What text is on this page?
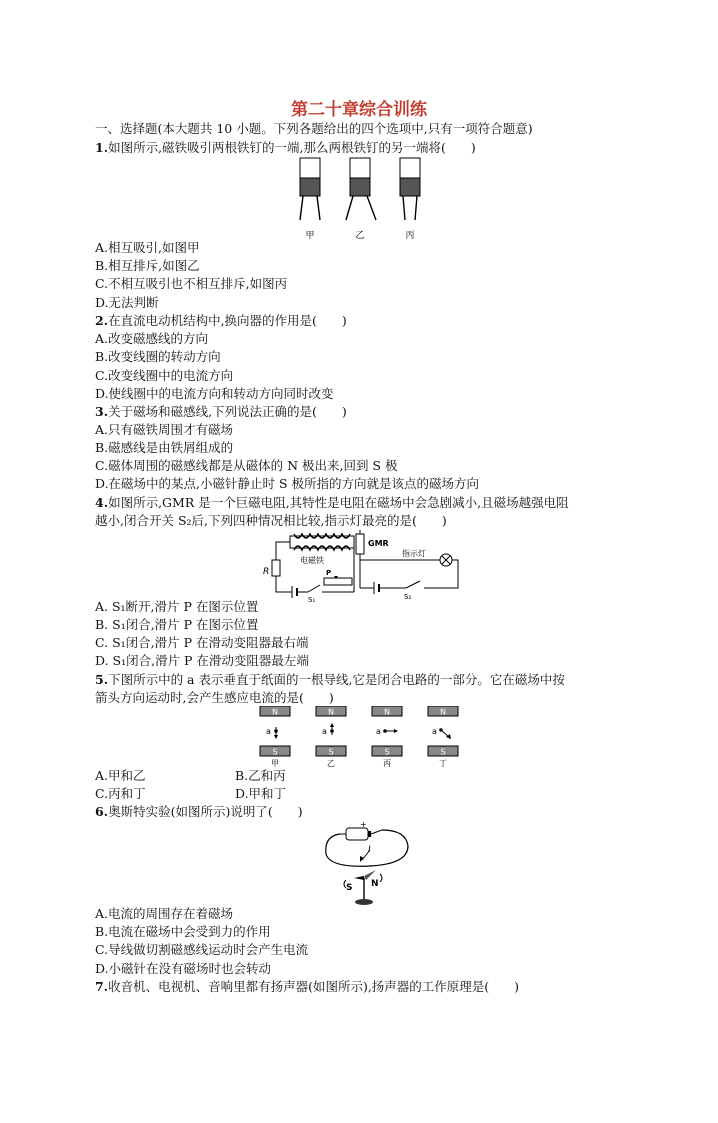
第二十章综合训练
一、选择题(本大题共 10 小题。下列各题给出的四个选项中,只有一项符合题意)
1.如图所示,磁铁吸引两根铁钉的一端,那么两根铁钉的另一端将(　　)
甲	乙	丙
A.相互吸引,如图甲
B.相互排斥,如图乙
C.不相互吸引也不相互排斥,如图丙
D.无法判断
2.在直流电动机结构中,换向器的作用是(　　)
A.改变磁感线的方向
B.改变线圈的转动方向
C.改变线圈中的电流方向
D.使线圈中的电流方向和转动方向同时改变
3.关于磁场和磁感线,下列说法正确的是(　　)
A.只有磁铁周围才有磁场
B.磁感线是由铁屑组成的
C.磁体周围的磁感线都是从磁体的 N 极出来,回到 S 极
D.在磁场中的某点,小磁针静止时 S 极所指的方向就是该点的磁场方向
4.如图所示,GMR 是一个巨磁电阻,其特性是电阻在磁场中会急剧减小,且磁场越强电阻
越小,闭合开关 S₂后,下列四种情况相比较,指示灯最亮的是(　　)
电磁铁
R
S₁
P
GMR
指示灯
S₂
A. S₁断开,滑片 P 在图示位置
B. S₁闭合,滑片 P 在图示位置
C. S₁闭合,滑片 P 在滑动变阻器最右端
D. S₁闭合,滑片 P 在滑动变阻器最左端
5.下图所示中的 a 表示垂直于纸面的一根导线,它是闭合电路的一部分。它在磁场中按
箭头方向运动时,会产生感应电流的是(　　)
N
a
S
甲
N
a
S
乙
N
a
S
丙
N
a
S
丁
A.甲和乙	B.乙和丙
C.丙和丁	D.甲和丁
6.奥斯特实验(如图所示)说明了(　　)
+
I
S N
A.电流的周围存在着磁场
B.电流在磁场中会受到力的作用
C.导线做切割磁感线运动时会产生电流
D.小磁针在没有磁场时也会转动
7.收音机、电视机、音响里都有扬声器(如图所示),扬声器的工作原理是(　　)
